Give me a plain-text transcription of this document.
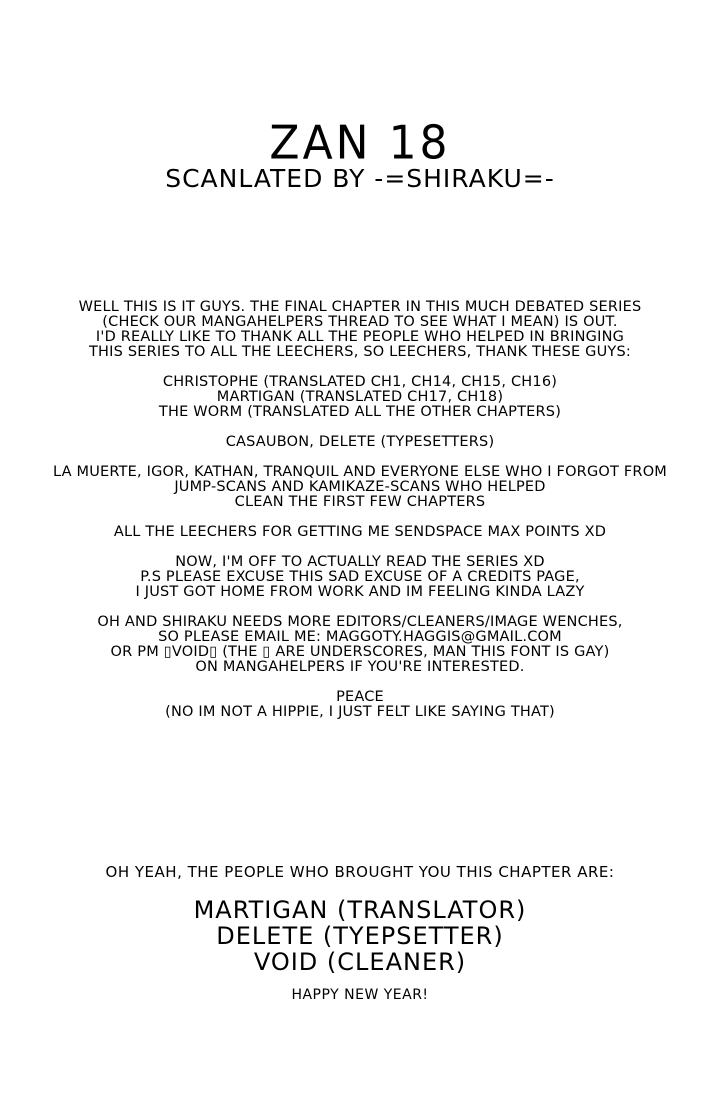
ZAN 18
SCANLATED BY -=SHIRAKU=-
WELL THIS IS IT GUYS. THE FINAL CHAPTER IN THIS MUCH DEBATED SERIES
(CHECK OUR MANGAHELPERS THREAD TO SEE WHAT I MEAN) IS OUT.
I'D REALLY LIKE TO THANK ALL THE PEOPLE WHO HELPED IN BRINGING
THIS SERIES TO ALL THE LEECHERS, SO LEECHERS, THANK THESE GUYS:
CHRISTOPHE (TRANSLATED CH1, CH14, CH15, CH16)
MARTIGAN (TRANSLATED CH17, CH18)
THE WORM (TRANSLATED ALL THE OTHER CHAPTERS)
CASAUBON, DELETE (TYPESETTERS)
LA MUERTE, IGOR, KATHAN, TRANQUIL AND EVERYONE ELSE WHO I FORGOT FROM
JUMP-SCANS AND KAMIKAZE-SCANS WHO HELPED
CLEAN THE FIRST FEW CHAPTERS
ALL THE LEECHERS FOR GETTING ME SENDSPACE MAX POINTS XD
NOW, I'M OFF TO ACTUALLY READ THE SERIES XD
P.S PLEASE EXCUSE THIS SAD EXCUSE OF A CREDITS PAGE,
I JUST GOT HOME FROM WORK AND IM FEELING KINDA LAZY
OH AND SHIRAKU NEEDS MORE EDITORS/CLEANERS/IMAGE WENCHES,
SO PLEASE EMAIL ME: MAGGOTY.HAGGIS@GMAIL.COM
OR PM ▯VOID▯ (THE ▯ ARE UNDERSCORES, MAN THIS FONT IS GAY)
ON MANGAHELPERS IF YOU'RE INTERESTED.
PEACE
(NO IM NOT A HIPPIE, I JUST FELT LIKE SAYING THAT)
OH YEAH, THE PEOPLE WHO BROUGHT YOU THIS CHAPTER ARE:
MARTIGAN (TRANSLATOR)
DELETE (TYEPSETTER)
VOID (CLEANER)
HAPPY NEW YEAR!
